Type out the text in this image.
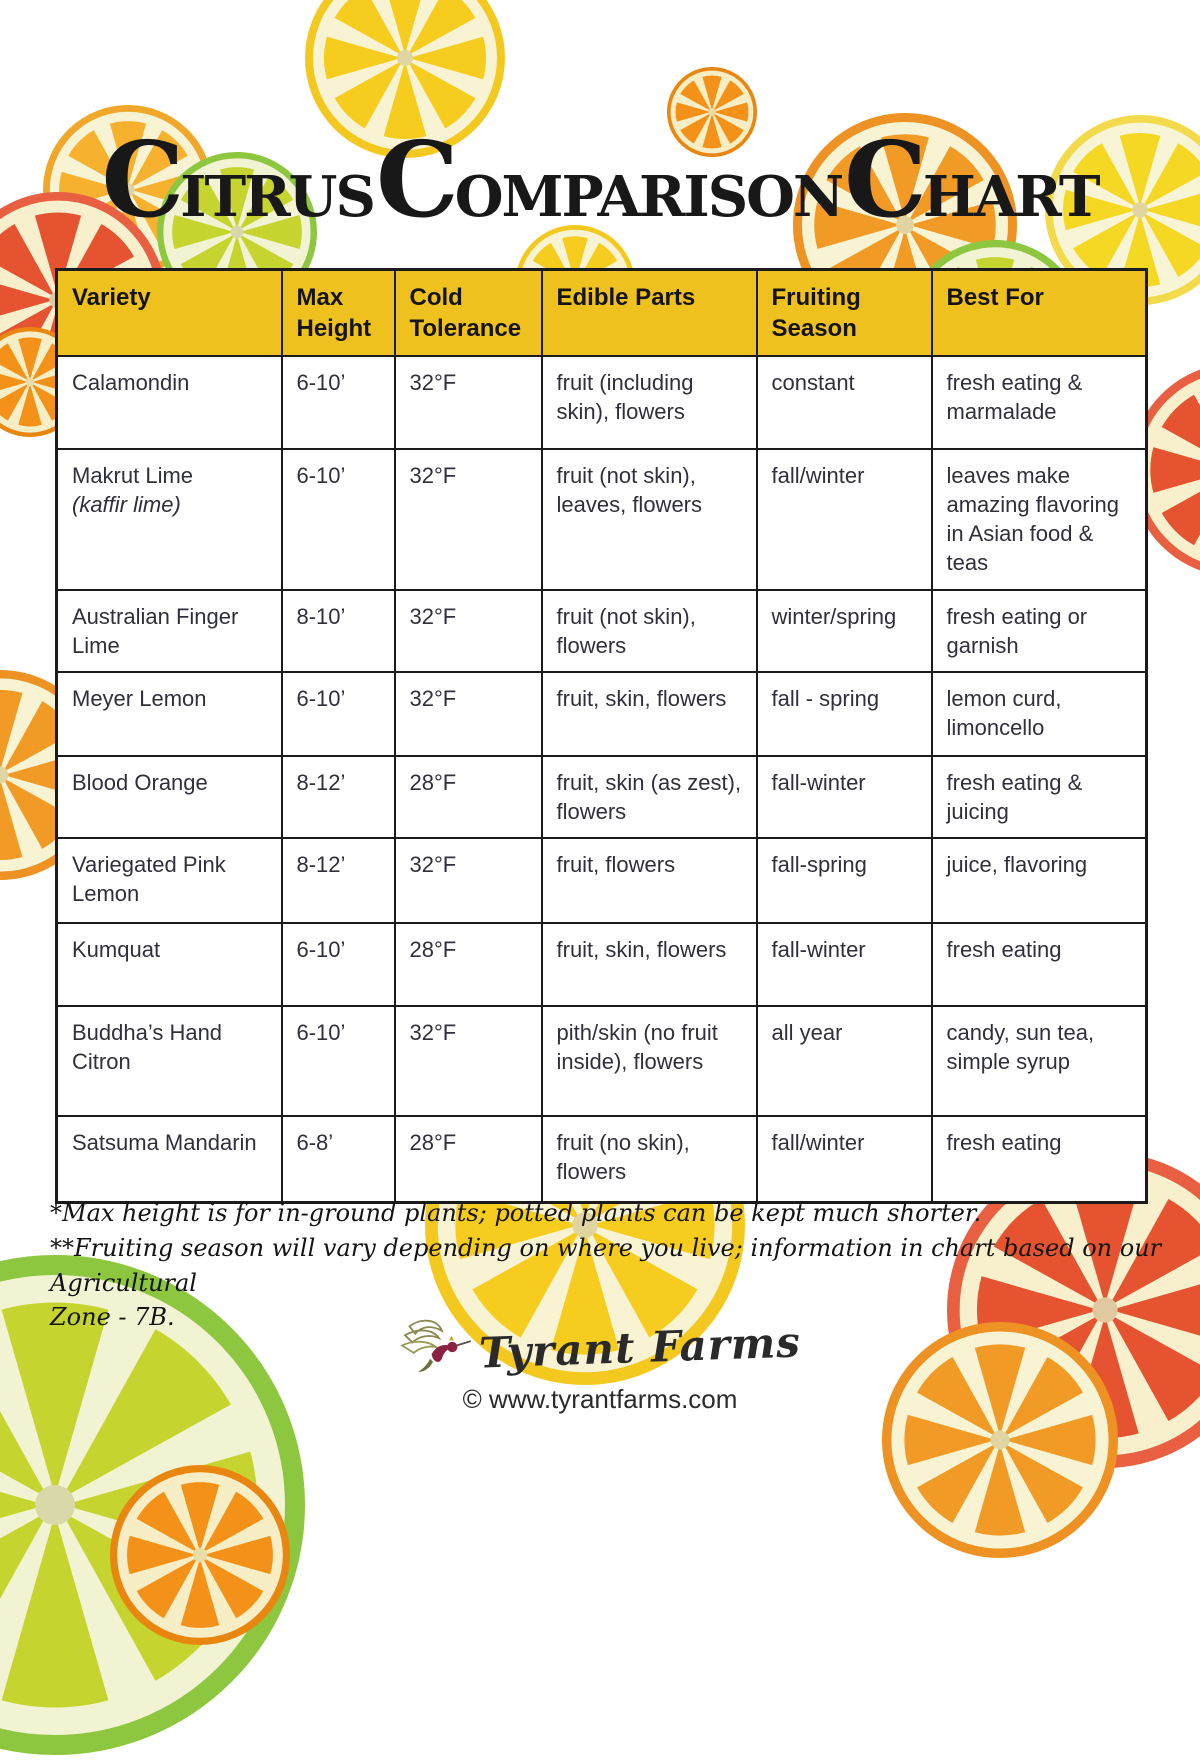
CITRUSCOMPARISONCHART
Variety	Max Height	Cold Tolerance	Edible Parts	Fruiting Season	Best For

Calamondin	6-10’	32°F	fruit (including skin), flowers	constant	fresh eating & marmalade

Makrut Lime
(kaffir lime)	6-10’	32°F	fruit (not skin), leaves, flowers	fall/winter	leaves make amazing flavoring in Asian food & teas

Australian Finger Lime	8-10’	32°F	fruit (not skin), flowers	winter/spring	fresh eating or garnish

Meyer Lemon	6-10’	32°F	fruit, skin, flowers	fall - spring	lemon curd, limoncello

Blood Orange	8-12’	28°F	fruit, skin (as zest), flowers	fall-winter	fresh eating & juicing

Variegated Pink Lemon	8-12’	32°F	fruit, flowers	fall-spring	juice, flavoring

Kumquat	6-10’	28°F	fruit, skin, flowers	fall-winter	fresh eating

Buddha’s Hand Citron	6-10’	32°F	pith/skin (no fruit inside), flowers	all year	candy, sun tea, simple syrup

Satsuma Mandarin	6-8’	28°F	fruit (no skin), flowers	fall/winter	fresh eating
*Max height is for in-ground plants; potted plants can be kept much shorter.
**Fruiting season will vary depending on where you live; information in chart based on our Agricultural
Zone - 7B.	Tyrant Farms
© www.tyrantfarms.com
